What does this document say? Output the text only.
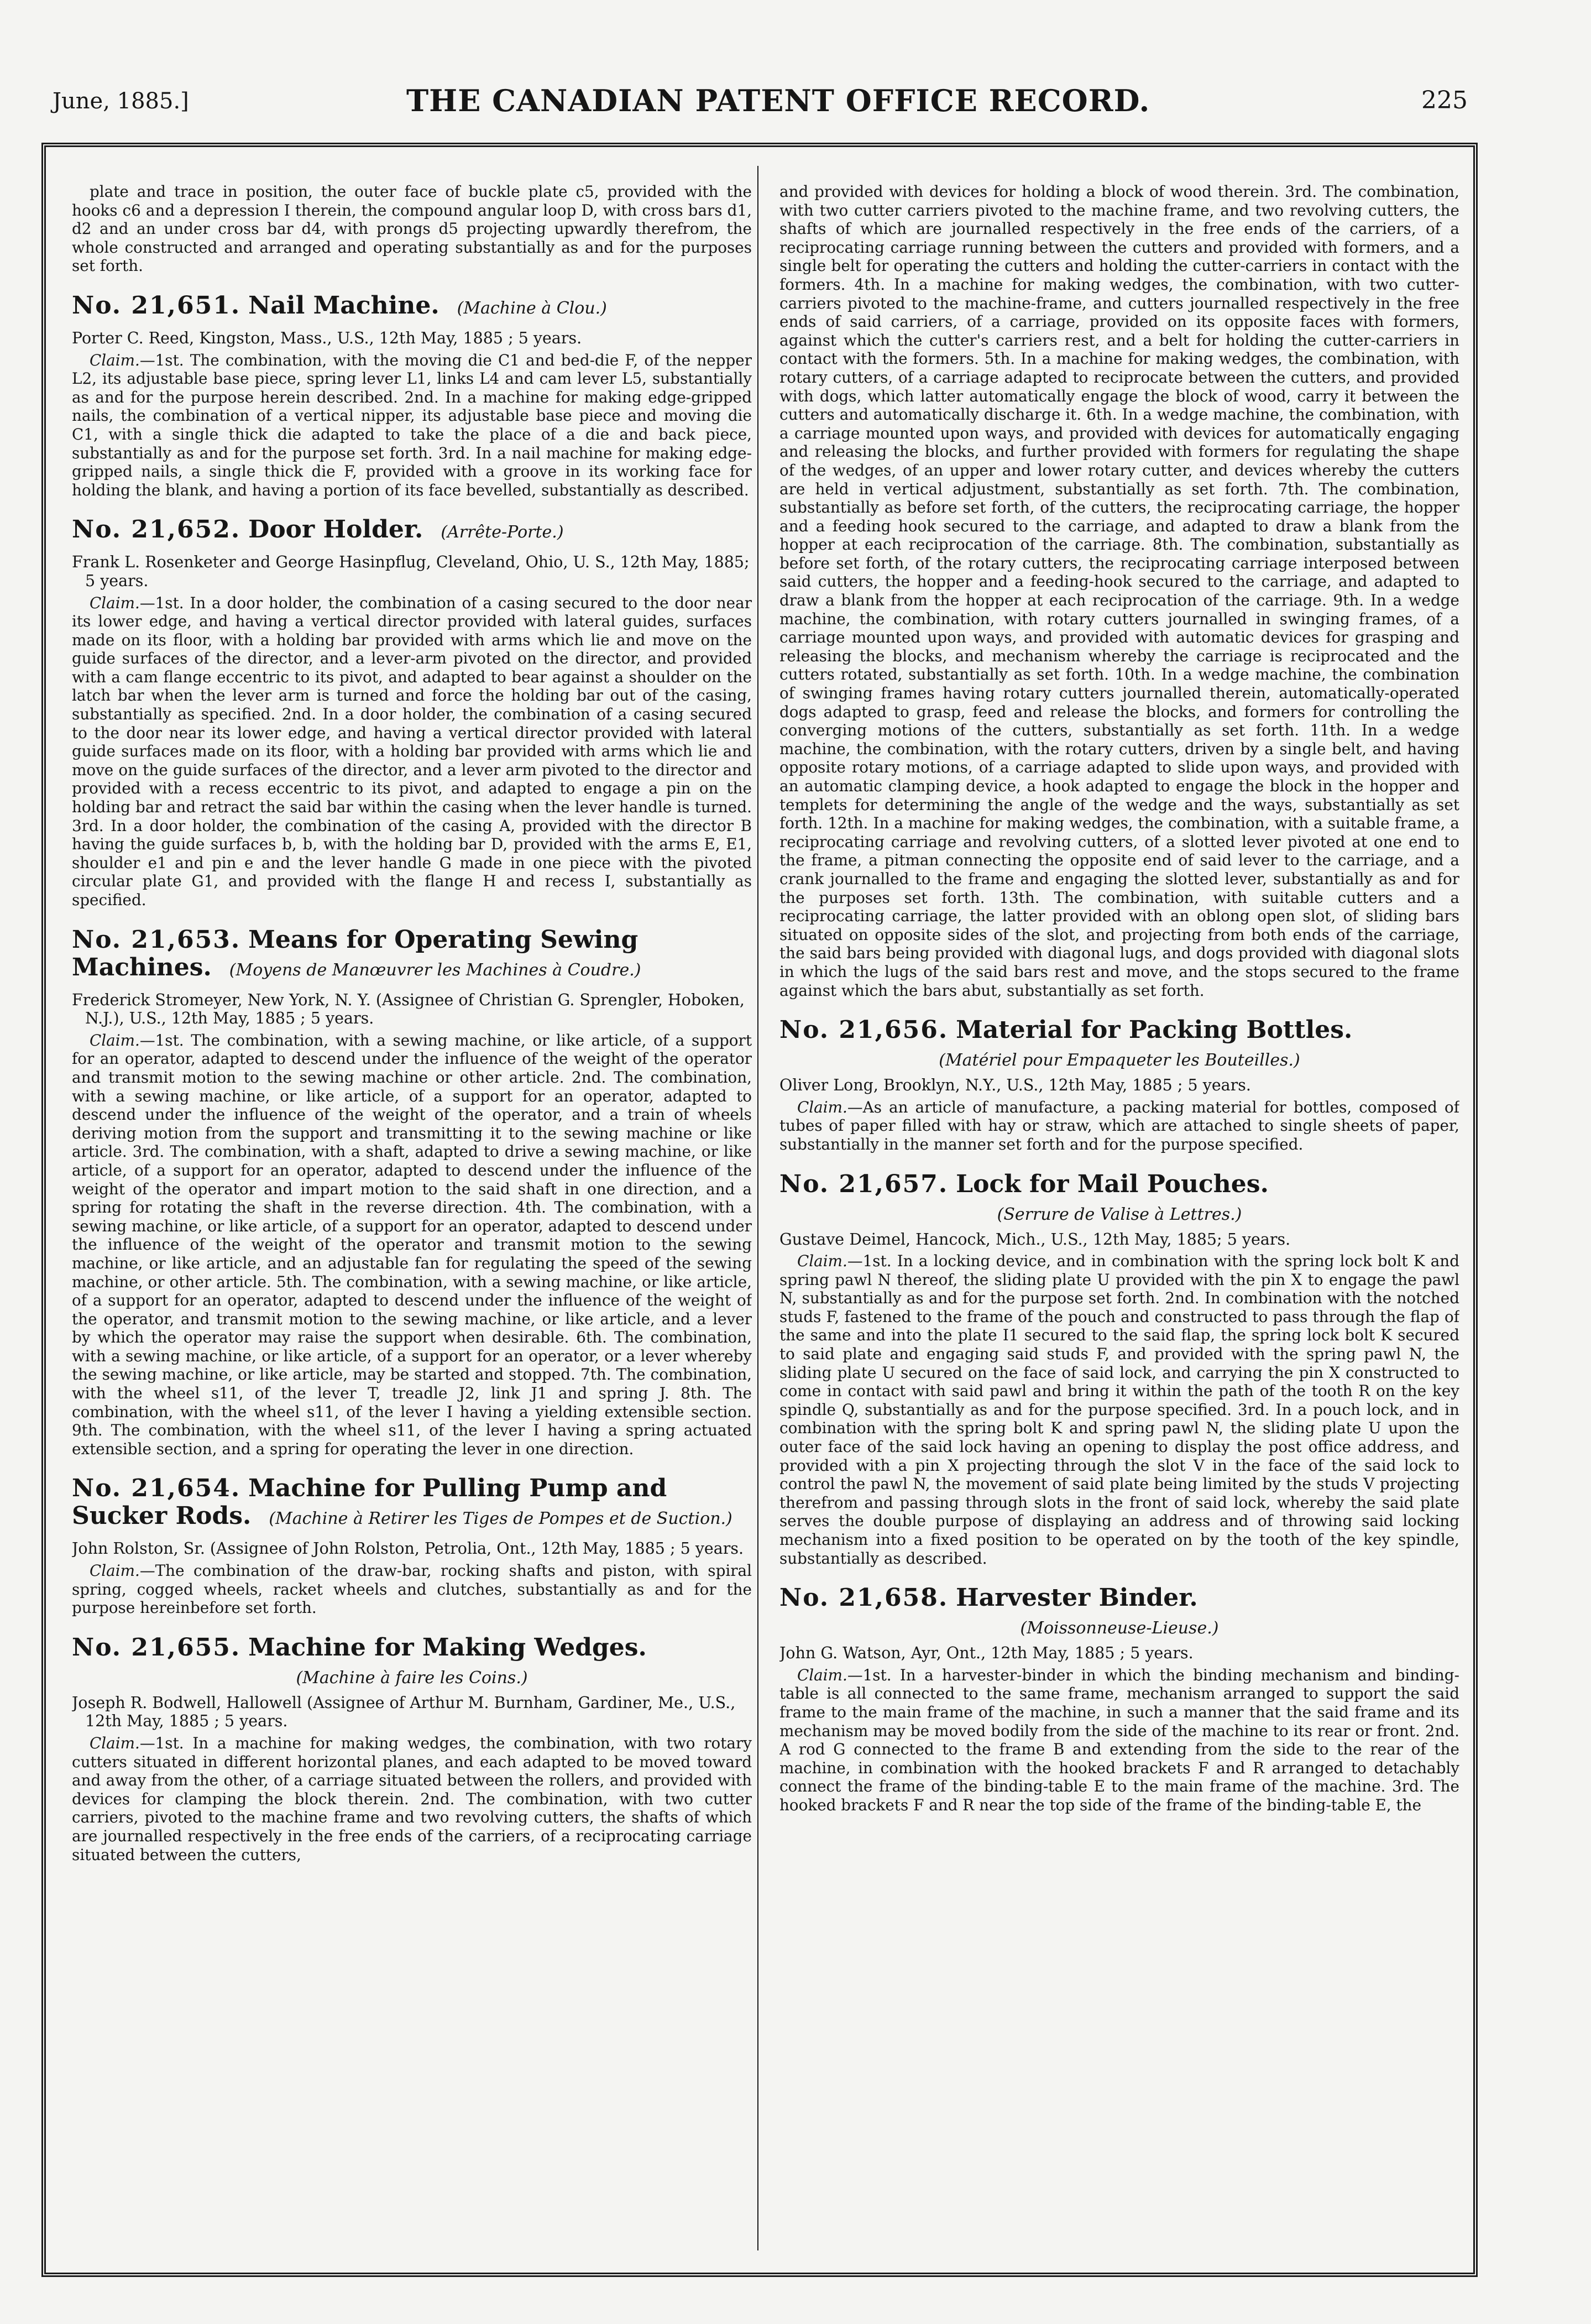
June, 1885.]	THE CANADIAN PATENT OFFICE RECORD.	225

plate and trace in position, the outer face of buckle plate c5, provided with the hooks c6 and a depression I therein, the compound angular loop D, with cross bars d1, d2 and an under cross bar d4, with prongs d5 projecting upwardly therefrom, the whole constructed and arranged and operating substantially as and for the purposes set forth.

No. 21,651. Nail Machine. (Machine à Clou.)

Porter C. Reed, Kingston, Mass., U.S., 12th May, 1885 ; 5 years.

Claim.—1st. The combination, with the moving die C1 and bed-die F, of the nepper L2, its adjustable base piece, spring lever L1, links L4 and cam lever L5, substantially as and for the purpose herein described. 2nd. In a machine for making edge-gripped nails, the combination of a vertical nipper, its adjustable base piece and moving die C1, with a single thick die adapted to take the place of a die and back piece, substantially as and for the purpose set forth. 3rd. In a nail machine for making edge-gripped nails, a single thick die F, provided with a groove in its working face for holding the blank, and having a portion of its face bevelled, substantially as described.

No. 21,652. Door Holder. (Arrête-Porte.)

Frank L. Rosenketer and George Hasinpflug, Cleveland, Ohio, U. S., 12th May, 1885; 5 years.

Claim.—1st. In a door holder, the combination of a casing secured to the door near its lower edge, and having a vertical director provided with lateral guides, surfaces made on its floor, with a holding bar provided with arms which lie and move on the guide surfaces of the director, and a lever-arm pivoted on the director, and provided with a cam flange eccentric to its pivot, and adapted to bear against a shoulder on the latch bar when the lever arm is turned and force the holding bar out of the casing, substantially as specified. 2nd. In a door holder, the combination of a casing secured to the door near its lower edge, and having a vertical director provided with lateral guide surfaces made on its floor, with a holding bar provided with arms which lie and move on the guide surfaces of the director, and a lever arm pivoted to the director and provided with a recess eccentric to its pivot, and adapted to engage a pin on the holding bar and retract the said bar within the casing when the lever handle is turned. 3rd. In a door holder, the combination of the casing A, provided with the director B having the guide surfaces b, b, with the holding bar D, provided with the arms E, E1, shoulder e1 and pin e and the lever handle G made in one piece with the pivoted circular plate G1, and provided with the flange H and recess I, substantially as specified.

No. 21,653. Means for Operating Sewing Machines. (Moyens de Manœuvrer les Machines à Coudre.)

Frederick Stromeyer, New York, N. Y. (Assignee of Christian G. Sprengler, Hoboken, N.J.), U.S., 12th May, 1885 ; 5 years.

Claim.—1st. The combination, with a sewing machine, or like article, of a support for an operator, adapted to descend under the influence of the weight of the operator and transmit motion to the sewing machine or other article. 2nd. The combination, with a sewing machine, or like article, of a support for an operator, adapted to descend under the influence of the weight of the operator, and a train of wheels deriving motion from the support and transmitting it to the sewing machine or like article. 3rd. The combination, with a shaft, adapted to drive a sewing machine, or like article, of a support for an operator, adapted to descend under the influence of the weight of the operator and impart motion to the said shaft in one direction, and a spring for rotating the shaft in the reverse direction. 4th. The combination, with a sewing machine, or like article, of a support for an operator, adapted to descend under the influence of the weight of the operator and transmit motion to the sewing machine, or like article, and an adjustable fan for regulating the speed of the sewing machine, or other article. 5th. The combination, with a sewing machine, or like article, of a support for an operator, adapted to descend under the influence of the weight of the operator, and transmit motion to the sewing machine, or like article, and a lever by which the operator may raise the support when desirable. 6th. The combination, with a sewing machine, or like article, of a support for an operator, or a lever whereby the sewing machine, or like article, may be started and stopped. 7th. The combination, with the wheel s11, of the lever T, treadle J2, link J1 and spring J. 8th. The combination, with the wheel s11, of the lever I having a yielding extensible section. 9th. The combination, with the wheel s11, of the lever I having a spring actuated extensible section, and a spring for operating the lever in one direction.

No. 21,654. Machine for Pulling Pump and Sucker Rods. (Machine à Retirer les Tiges de Pompes et de Suction.)

John Rolston, Sr. (Assignee of John Rolston, Petrolia, Ont., 12th May, 1885 ; 5 years.

Claim.—The combination of the draw-bar, rocking shafts and piston, with spiral spring, cogged wheels, racket wheels and clutches, substantially as and for the purpose hereinbefore set forth.

No. 21,655. Machine for Making Wedges.

(Machine à faire les Coins.)

Joseph R. Bodwell, Hallowell (Assignee of Arthur M. Burnham, Gardiner, Me., U.S., 12th May, 1885 ; 5 years.

Claim.—1st. In a machine for making wedges, the combination, with two rotary cutters situated in different horizontal planes, and each adapted to be moved toward and away from the other, of a carriage situated between the rollers, and provided with devices for clamping the block therein. 2nd. The combination, with two cutter carriers, pivoted to the machine frame and two revolving cutters, the shafts of which are journalled respectively in the free ends of the carriers, of a reciprocating carriage situated between the cutters,

and provided with devices for holding a block of wood therein. 3rd. The combination, with two cutter carriers pivoted to the machine frame, and two revolving cutters, the shafts of which are journalled respectively in the free ends of the carriers, of a reciprocating carriage running between the cutters and provided with formers, and a single belt for operating the cutters and holding the cutter-carriers in contact with the formers. 4th. In a machine for making wedges, the combination, with two cutter-carriers pivoted to the machine-frame, and cutters journalled respectively in the free ends of said carriers, of a carriage, provided on its opposite faces with formers, against which the cutter's carriers rest, and a belt for holding the cutter-carriers in contact with the formers. 5th. In a machine for making wedges, the combination, with rotary cutters, of a carriage adapted to reciprocate between the cutters, and provided with dogs, which latter automatically engage the block of wood, carry it between the cutters and automatically discharge it. 6th. In a wedge machine, the combination, with a carriage mounted upon ways, and provided with devices for automatically engaging and releasing the blocks, and further provided with formers for regulating the shape of the wedges, of an upper and lower rotary cutter, and devices whereby the cutters are held in vertical adjustment, substantially as set forth. 7th. The combination, substantially as before set forth, of the cutters, the reciprocating carriage, the hopper and a feeding hook secured to the carriage, and adapted to draw a blank from the hopper at each reciprocation of the carriage. 8th. The combination, substantially as before set forth, of the rotary cutters, the reciprocating carriage interposed between said cutters, the hopper and a feeding-hook secured to the carriage, and adapted to draw a blank from the hopper at each reciprocation of the carriage. 9th. In a wedge machine, the combination, with rotary cutters journalled in swinging frames, of a carriage mounted upon ways, and provided with automatic devices for grasping and releasing the blocks, and mechanism whereby the carriage is reciprocated and the cutters rotated, substantially as set forth. 10th. In a wedge machine, the combination of swinging frames having rotary cutters journalled therein, automatically-operated dogs adapted to grasp, feed and release the blocks, and formers for controlling the converging motions of the cutters, substantially as set forth. 11th. In a wedge machine, the combination, with the rotary cutters, driven by a single belt, and having opposite rotary motions, of a carriage adapted to slide upon ways, and provided with an automatic clamping device, a hook adapted to engage the block in the hopper and templets for determining the angle of the wedge and the ways, substantially as set forth. 12th. In a machine for making wedges, the combination, with a suitable frame, a reciprocating carriage and revolving cutters, of a slotted lever pivoted at one end to the frame, a pitman connecting the opposite end of said lever to the carriage, and a crank journalled to the frame and engaging the slotted lever, substantially as and for the purposes set forth. 13th. The combination, with suitable cutters and a reciprocating carriage, the latter provided with an oblong open slot, of sliding bars situated on opposite sides of the slot, and projecting from both ends of the carriage, the said bars being provided with diagonal lugs, and dogs provided with diagonal slots in which the lugs of the said bars rest and move, and the stops secured to the frame against which the bars abut, substantially as set forth.

No. 21,656. Material for Packing Bottles.

(Matériel pour Empaqueter les Bouteilles.)

Oliver Long, Brooklyn, N.Y., U.S., 12th May, 1885 ; 5 years.

Claim.—As an article of manufacture, a packing material for bottles, composed of tubes of paper filled with hay or straw, which are attached to single sheets of paper, substantially in the manner set forth and for the purpose specified.

No. 21,657. Lock for Mail Pouches.

(Serrure de Valise à Lettres.)

Gustave Deimel, Hancock, Mich., U.S., 12th May, 1885; 5 years.

Claim.—1st. In a locking device, and in combination with the spring lock bolt K and spring pawl N thereof, the sliding plate U provided with the pin X to engage the pawl N, substantially as and for the purpose set forth. 2nd. In combination with the notched studs F, fastened to the frame of the pouch and constructed to pass through the flap of the same and into the plate I1 secured to the said flap, the spring lock bolt K secured to said plate and engaging said studs F, and provided with the spring pawl N, the sliding plate U secured on the face of said lock, and carrying the pin X constructed to come in contact with said pawl and bring it within the path of the tooth R on the key spindle Q, substantially as and for the purpose specified. 3rd. In a pouch lock, and in combination with the spring bolt K and spring pawl N, the sliding plate U upon the outer face of the said lock having an opening to display the post office address, and provided with a pin X projecting through the slot V in the face of the said lock to control the pawl N, the movement of said plate being limited by the studs V projecting therefrom and passing through slots in the front of said lock, whereby the said plate serves the double purpose of displaying an address and of throwing said locking mechanism into a fixed position to be operated on by the tooth of the key spindle, substantially as described.

No. 21,658. Harvester Binder.

(Moissonneuse-Lieuse.)

John G. Watson, Ayr, Ont., 12th May, 1885 ; 5 years.

Claim.—1st. In a harvester-binder in which the binding mechanism and binding-table is all connected to the same frame, mechanism arranged to support the said frame to the main frame of the machine, in such a manner that the said frame and its mechanism may be moved bodily from the side of the machine to its rear or front. 2nd. A rod G connected to the frame B and extending from the side to the rear of the machine, in combination with the hooked brackets F and R arranged to detachably connect the frame of the binding-table E to the main frame of the machine. 3rd. The hooked brackets F and R near the top side of the frame of the binding-table E, the
